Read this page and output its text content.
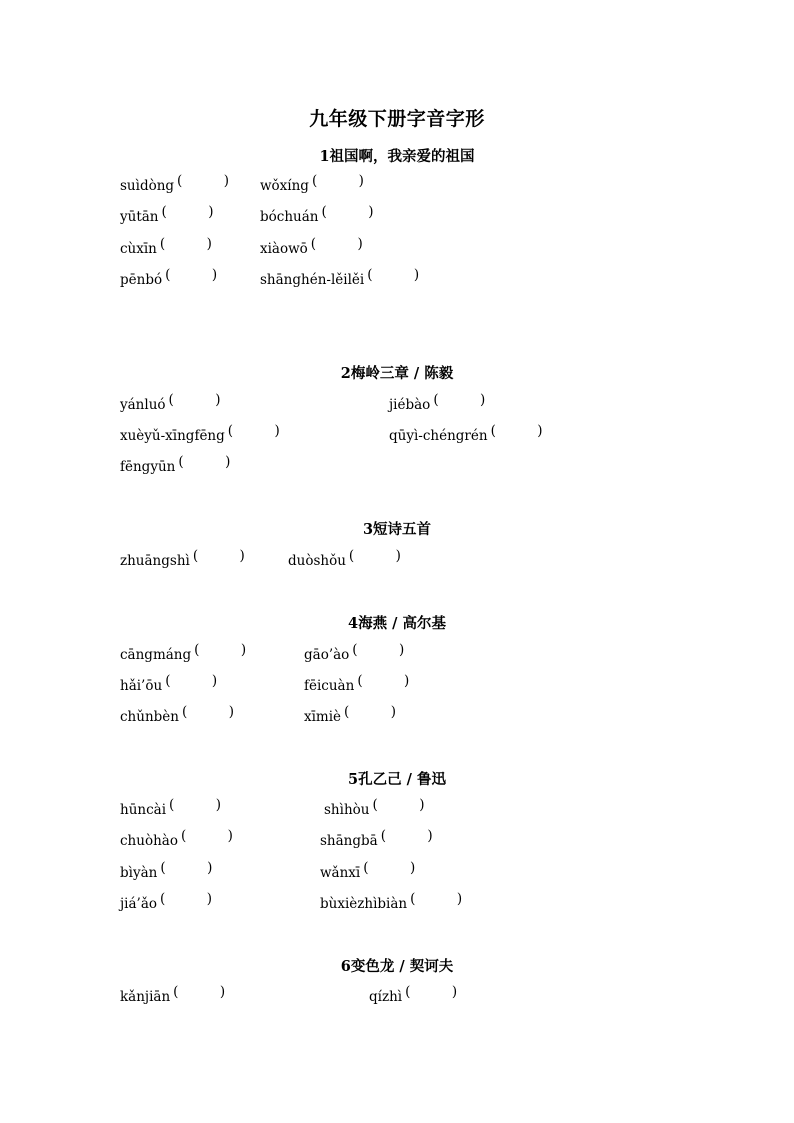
九年级下册字音字形
1祖国啊，我亲爱的祖国
suìdòng ( )	wǒxíng( )
yūtān ( )	bóchuán( )
cùxīn ( )	xiàowō( )
pēnbó ( )	shānghén-lěilěi( )
2梅岭三章 / 陈毅
yánluó ( )	jiébào( )
xuèyǔ-xīngfēng ( )	qūyì-chéngrén( )
fēngyūn( )
3短诗五首
zhuāngshì ( )	duòshǒu( )
4海燕 / 高尔基
cāngmáng ( )	gāo’ào( )
hǎi’ōu ( )	fēicuàn( )
chǔnbèn ( )	xīmiè( )
5孔乙己 / 鲁迅
hūncài ( )	shìhòu( )
chuòhào ( )	shāngbā( )
bìyàn ( )	wǎnxī( )
jiá’ǎo ( )	bùxièzhìbiàn( )
6变色龙 / 契诃夫
kǎnjiān ( )	qízhì( )
